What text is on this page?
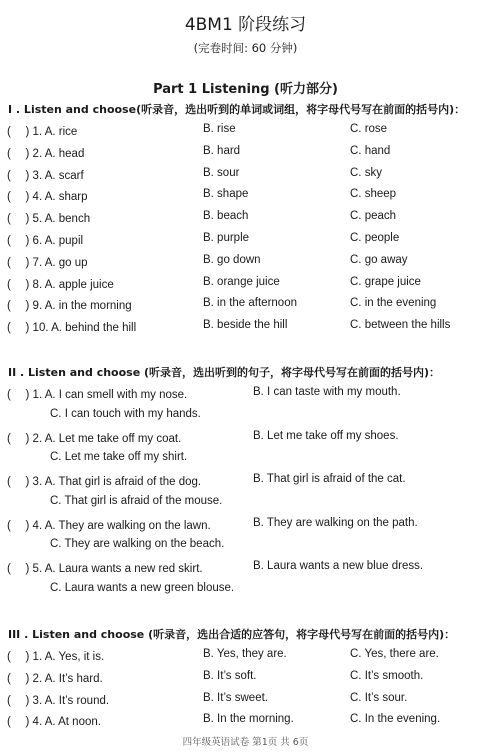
4BM1 阶段练习
(完卷时间: 60 分钟)
Part 1 Listening (听力部分)
I . Listen and choose(听录音，选出听到的单词或词组，将字母代号写在前面的括号内)：
( 　) 1. A. rice	B. rise	C. rose
( 　) 2. A. head	B. hard	C. hand
( 　) 3. A. scarf	B. sour	C. sky
( 　) 4. A. sharp	B. shape	C. sheep
( 　) 5. A. bench	B. beach	C. peach
( 　) 6. A. pupil	B. purple	C. people
( 　) 7. A. go up	B. go down	C. go away
( 　) 8. A. apple juice	B. orange juice	C. grape juice
( 　) 9. A. in the morning	B. in the afternoon	C. in the evening
( 　) 10. A. behind the hill	B. beside the hill	C. between the hills
II . Listen and choose (听录音，选出听到的句子，将字母代号写在前面的括号内)：
( 　) 1. A. I can smell with my nose.	B. I can taste with my mouth.
C. I can touch with my hands.
( 　) 2. A. Let me take off my coat.	B. Let me take off my shoes.
C. Let me take off my shirt.
( 　) 3. A. That girl is afraid of the dog.	B. That girl is afraid of the cat.
C. That girl is afraid of the mouse.
( 　) 4. A. They are walking on the lawn.	B. They are walking on the path.
C. They are walking on the beach.
( 　) 5. A. Laura wants a new red skirt.	B. Laura wants a new blue dress.
C. Laura wants a new green blouse.
III . Listen and choose (听录音，选出合适的应答句，将字母代号写在前面的括号内)：
( 　) 1. A. Yes, it is.	B. Yes, they are.	C. Yes, there are.
( 　) 2. A. It’s hard.	B. It’s soft.	C. It’s smooth.
( 　) 3. A. It’s round.	B. It’s sweet.	C. It’s sour.
( 　) 4. A. At noon.	B. In the morning.	C. In the evening.
四年级英语试卷 第1页 共 6页
